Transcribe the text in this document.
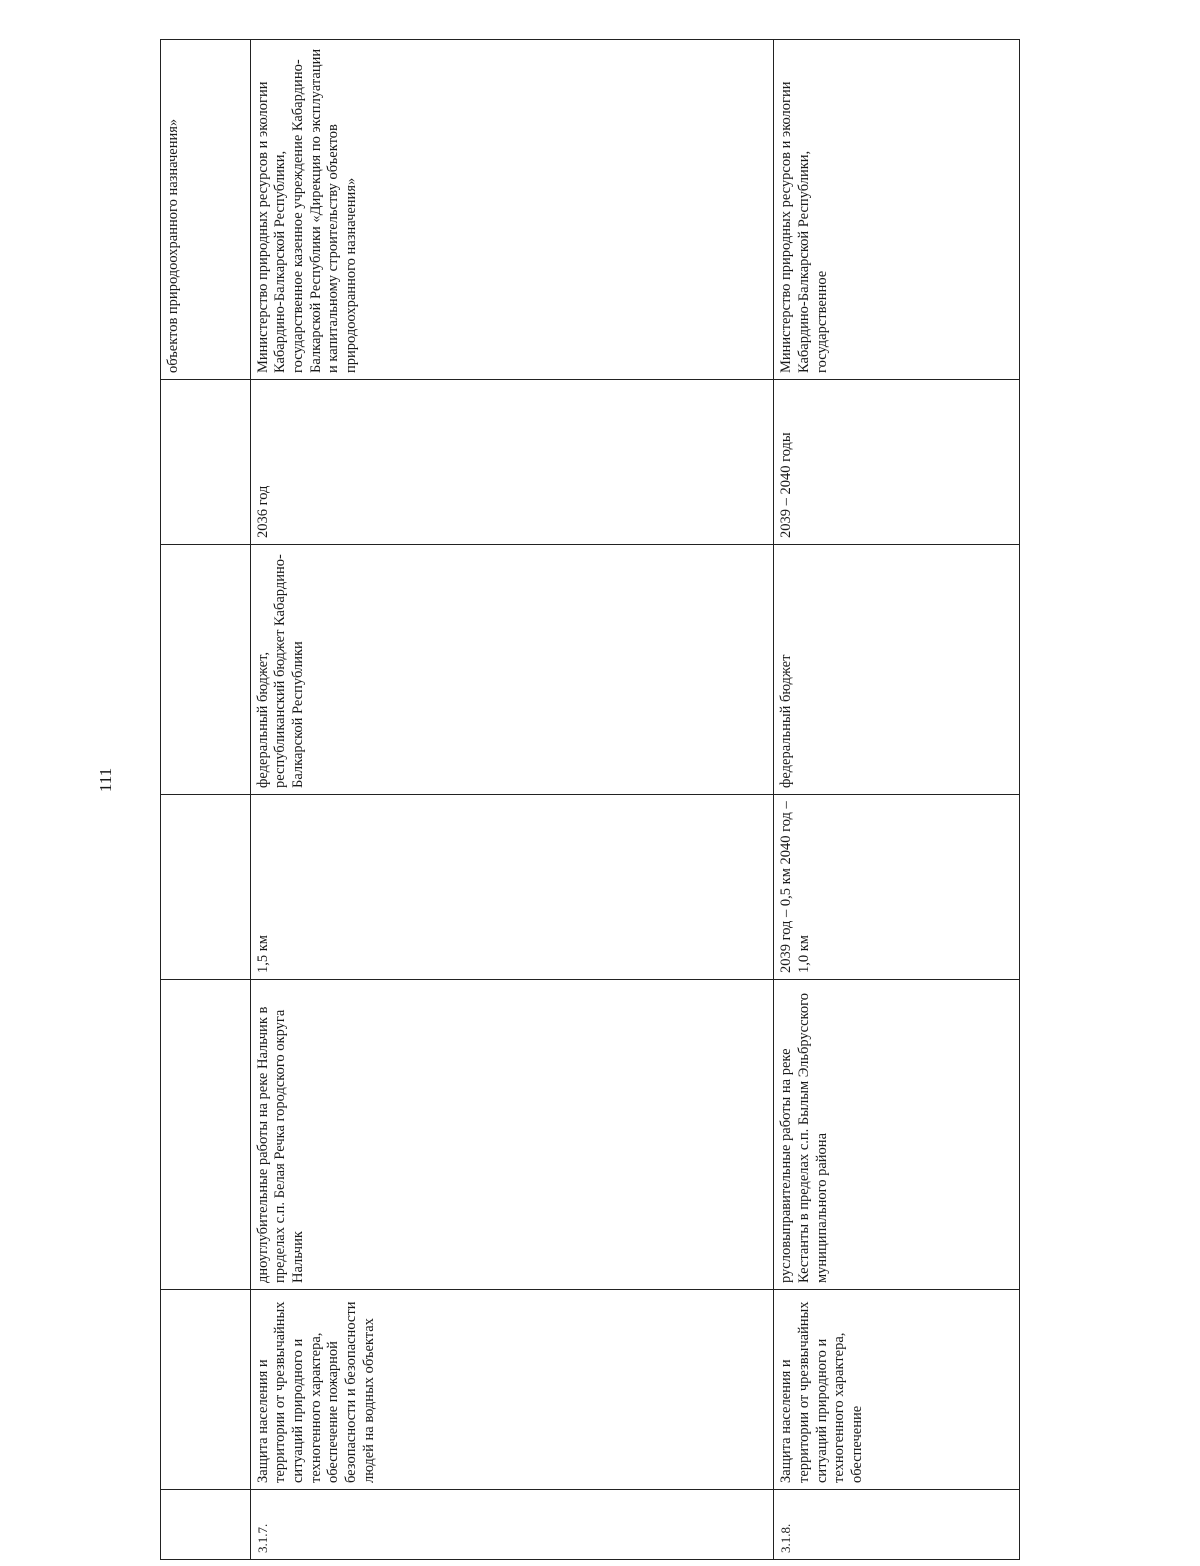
111
						объектов природоохранного назначения»
3.1.7.	Защита населения и территории от чрезвычайных ситуаций природного и техногенного характера, обеспечение пожарной безопасности и безопасности людей на водных объектах	дноуглубительные работы на реке Нальчик в пределах с.п. Белая Речка городского округа Нальчик	1,5 км	федеральный бюджет, республиканский бюджет Кабардино-Балкарской Республики	2036 год	Министерство природных ресурсов и экологии Кабардино-Балкарской Республики, государственное казенное учреждение Кабардино-Балкарской Республики «Дирекция по эксплуатации и капитальному строительству объектов природоохранного назначения»
3.1.8.	Защита населения и территории от чрезвычайных ситуаций природного и техногенного характера, обеспечение	русловыправительные работы на реке Кестанты в пределах с.п. Былым Эльбрусского муниципального района	2039 год – 0,5 км 2040 год – 1,0 км	федеральный бюджет	2039 – 2040 годы	Министерство природных ресурсов и экологии Кабардино-Балкарской Республики, государственное
